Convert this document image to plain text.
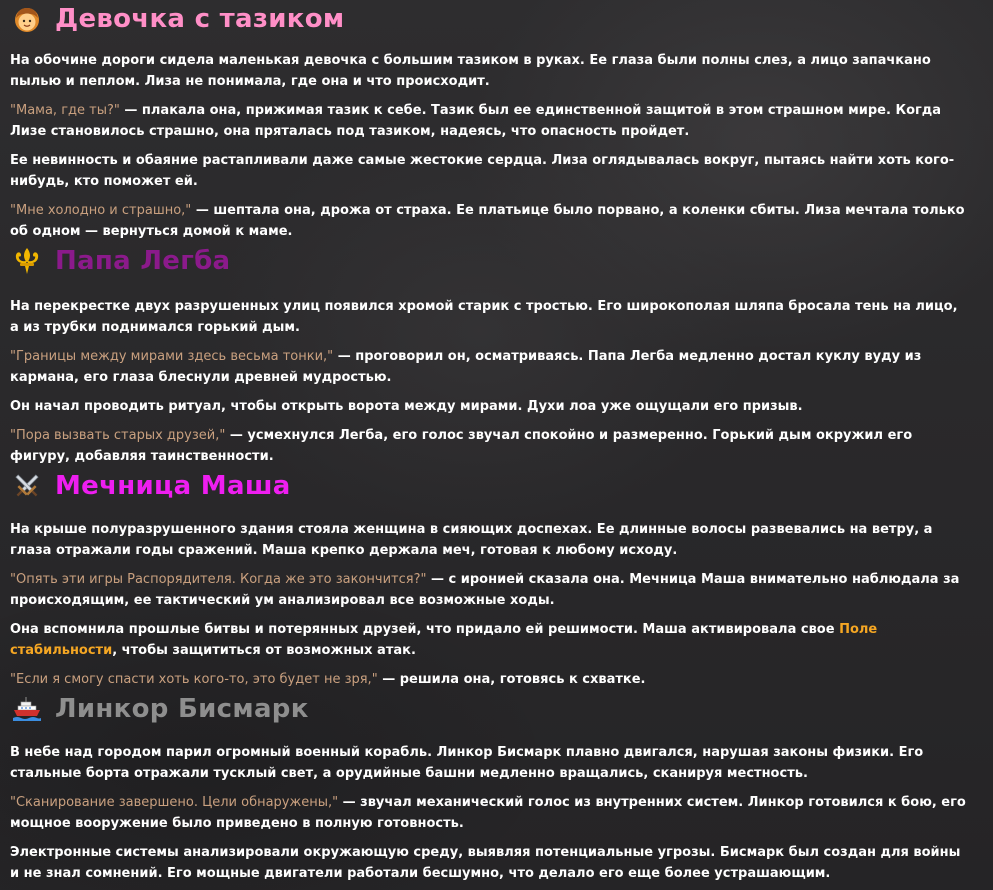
Девочка с тазиком

На обочине дороги сидела маленькая девочка с большим тазиком в руках. Ее глаза были полны слез, а лицо запачкано пылью и пеплом. Лиза не понимала, где она и что происходит.

"Мама, где ты?" — плакала она, прижимая тазик к себе. Тазик был ее единственной защитой в этом страшном мире. Когда Лизе становилось страшно, она пряталась под тазиком, надеясь, что опасность пройдет.

Ее невинность и обаяние растапливали даже самые жестокие сердца. Лиза оглядывалась вокруг, пытаясь найти хоть кого-нибудь, кто поможет ей.

"Мне холодно и страшно," — шептала она, дрожа от страха. Ее платьице было порвано, а коленки сбиты. Лиза мечтала только об одном — вернуться домой к маме.

Папа Легба

На перекрестке двух разрушенных улиц появился хромой старик с тростью. Его широкополая шляпа бросала тень на лицо, а из трубки поднимался горький дым.

"Границы между мирами здесь весьма тонки," — проговорил он, осматриваясь. Папа Легба медленно достал куклу вуду из кармана, его глаза блеснули древней мудростью.

Он начал проводить ритуал, чтобы открыть ворота между мирами. Духи лоа уже ощущали его призыв.

"Пора вызвать старых друзей," — усмехнулся Легба, его голос звучал спокойно и размеренно. Горький дым окружил его фигуру, добавляя таинственности.

Мечница Маша

На крыше полуразрушенного здания стояла женщина в сияющих доспехах. Ее длинные волосы развевались на ветру, а глаза отражали годы сражений. Маша крепко держала меч, готовая к любому исходу.

"Опять эти игры Распорядителя. Когда же это закончится?" — с иронией сказала она. Мечница Маша внимательно наблюдала за происходящим, ее тактический ум анализировал все возможные ходы.

Она вспомнила прошлые битвы и потерянных друзей, что придало ей решимости. Маша активировала свое Поле стабильности, чтобы защититься от возможных атак.

"Если я смогу спасти хоть кого-то, это будет не зря," — решила она, готовясь к схватке.

Линкор Бисмарк

В небе над городом парил огромный военный корабль. Линкор Бисмарк плавно двигался, нарушая законы физики. Его стальные борта отражали тусклый свет, а орудийные башни медленно вращались, сканируя местность.

"Сканирование завершено. Цели обнаружены," — звучал механический голос из внутренних систем. Линкор готовился к бою, его мощное вооружение было приведено в полную готовность.

Электронные системы анализировали окружающую среду, выявляя потенциальные угрозы. Бисмарк был создан для войны и не знал сомнений. Его мощные двигатели работали бесшумно, что делало его еще более устрашающим.
